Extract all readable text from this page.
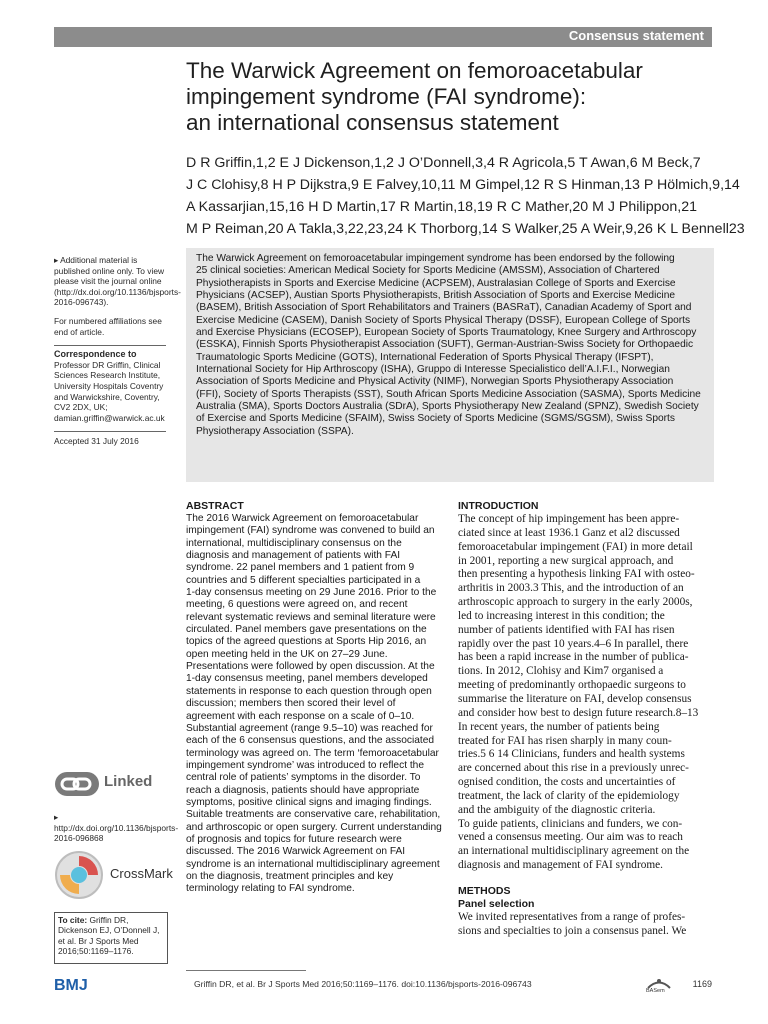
Consensus statement
The Warwick Agreement on femoroacetabular
impingement syndrome (FAI syndrome):
an international consensus statement
D R Griffin,1,2 E J Dickenson,1,2 J O’Donnell,3,4 R Agricola,5 T Awan,6 M Beck,7
J C Clohisy,8 H P Dijkstra,9 E Falvey,10,11 M Gimpel,12 R S Hinman,13 P Hölmich,9,14
A Kassarjian,15,16 H D Martin,17 R Martin,18,19 R C Mather,20 M J Philippon,21
M P Reiman,20 A Takla,3,22,23,24 K Thorborg,14 S Walker,25 A Weir,9,26 K L Bennell23

▸ Additional material is published online only. To view please visit the journal online (http://dx.doi.org/10.1136/bjsports-2016-096743).

For numbered affiliations see end of article.

Correspondence to

Professor DR Griffin, Clinical Sciences Research Institute, University Hospitals Coventry and Warwickshire, Coventry, CV2 2DX, UK; damian.griffin@warwick.ac.uk

Accepted 31 July 2016
The Warwick Agreement on femoroacetabular impingement syndrome has been endorsed by the following
25 clinical societies: American Medical Society for Sports Medicine (AMSSM), Association of Chartered
Physiotherapists in Sports and Exercise Medicine (ACPSEM), Australasian College of Sports and Exercise
Physicians (ACSEP), Austian Sports Physiotherapists, British Association of Sports and Exercise Medicine
(BASEM), British Association of Sport Rehabilitators and Trainers (BASRaT), Canadian Academy of Sport and
Exercise Medicine (CASEM), Danish Society of Sports Physical Therapy (DSSF), European College of Sports
and Exercise Physicians (ECOSEP), European Society of Sports Traumatology, Knee Surgery and Arthroscopy
(ESSKA), Finnish Sports Physiotherapist Association (SUFT), German-Austrian-Swiss Society for Orthopaedic
Traumatologic Sports Medicine (GOTS), International Federation of Sports Physical Therapy (IFSPT),
International Society for Hip Arthroscopy (ISHA), Gruppo di Interesse Specialistico dell’A.I.F.I., Norwegian
Association of Sports Medicine and Physical Activity (NIMF), Norwegian Sports Physiotherapy Association
(FFI), Society of Sports Therapists (SST), South African Sports Medicine Association (SASMA), Sports Medicine
Australia (SMA), Sports Doctors Australia (SDrA), Sports Physiotherapy New Zealand (SPNZ), Swedish Society
of Exercise and Sports Medicine (SFAIM), Swiss Society of Sports Medicine (SGMS/SGSM), Swiss Sports
Physiotherapy Association (SSPA).
ABSTRACT
The 2016 Warwick Agreement on femoroacetabular
impingement (FAI) syndrome was convened to build an
international, multidisciplinary consensus on the
diagnosis and management of patients with FAI
syndrome. 22 panel members and 1 patient from 9
countries and 5 different specialties participated in a
1-day consensus meeting on 29 June 2016. Prior to the
meeting, 6 questions were agreed on, and recent
relevant systematic reviews and seminal literature were
circulated. Panel members gave presentations on the
topics of the agreed questions at Sports Hip 2016, an
open meeting held in the UK on 27–29 June.
Presentations were followed by open discussion. At the
1-day consensus meeting, panel members developed
statements in response to each question through open
discussion; members then scored their level of
agreement with each response on a scale of 0–10.
Substantial agreement (range 9.5–10) was reached for
each of the 6 consensus questions, and the associated
terminology was agreed on. The term ‘femoroacetabular
impingement syndrome’ was introduced to reflect the
central role of patients’ symptoms in the disorder. To
reach a diagnosis, patients should have appropriate
symptoms, positive clinical signs and imaging findings.
Suitable treatments are conservative care, rehabilitation,
and arthroscopic or open surgery. Current understanding
of prognosis and topics for future research were
discussed. The 2016 Warwick Agreement on FAI
syndrome is an international multidisciplinary agreement
on the diagnosis, treatment principles and key
terminology relating to FAI syndrome.
INTRODUCTION
The concept of hip impingement has been appre-
ciated since at least 1936.1 Ganz et al2 discussed
femoroacetabular impingement (FAI) in more detail
in 2001, reporting a new surgical approach, and
then presenting a hypothesis linking FAI with osteo-
arthritis in 2003.3 This, and the introduction of an
arthroscopic approach to surgery in the early 2000s,
led to increasing interest in this condition; the
number of patients identified with FAI has risen
rapidly over the past 10 years.4–6 In parallel, there
has been a rapid increase in the number of publica-
tions. In 2012, Clohisy and Kim7 organised a
meeting of predominantly orthopaedic surgeons to
summarise the literature on FAI, develop consensus
and consider how best to design future research.8–13
In recent years, the number of patients being
treated for FAI has risen sharply in many coun-
tries.5 6 14 Clinicians, funders and health systems
are concerned about this rise in a previously unrec-
ognised condition, the costs and uncertainties of
treatment, the lack of clarity of the epidemiology
and the ambiguity of the diagnostic criteria.
To guide patients, clinicians and funders, we con-
vened a consensus meeting. Our aim was to reach
an international multidisciplinary agreement on the
diagnosis and management of FAI syndrome.
METHODS
Panel selection
We invited representatives from a range of profes-
sions and specialties to join a consensus panel. We
Linked
▸ http://dx.doi.org/10.1136/bjsports-2016-096868
CrossMark
To cite: Griffin DR, Dickenson EJ, O’Donnell J, et al. Br J Sports Med 2016;50:1169–1176.
BMJ	Griffin DR, et al. Br J Sports Med 2016;50:1169–1176. doi:10.1136/bjsports-2016-096743
BASem
1169
